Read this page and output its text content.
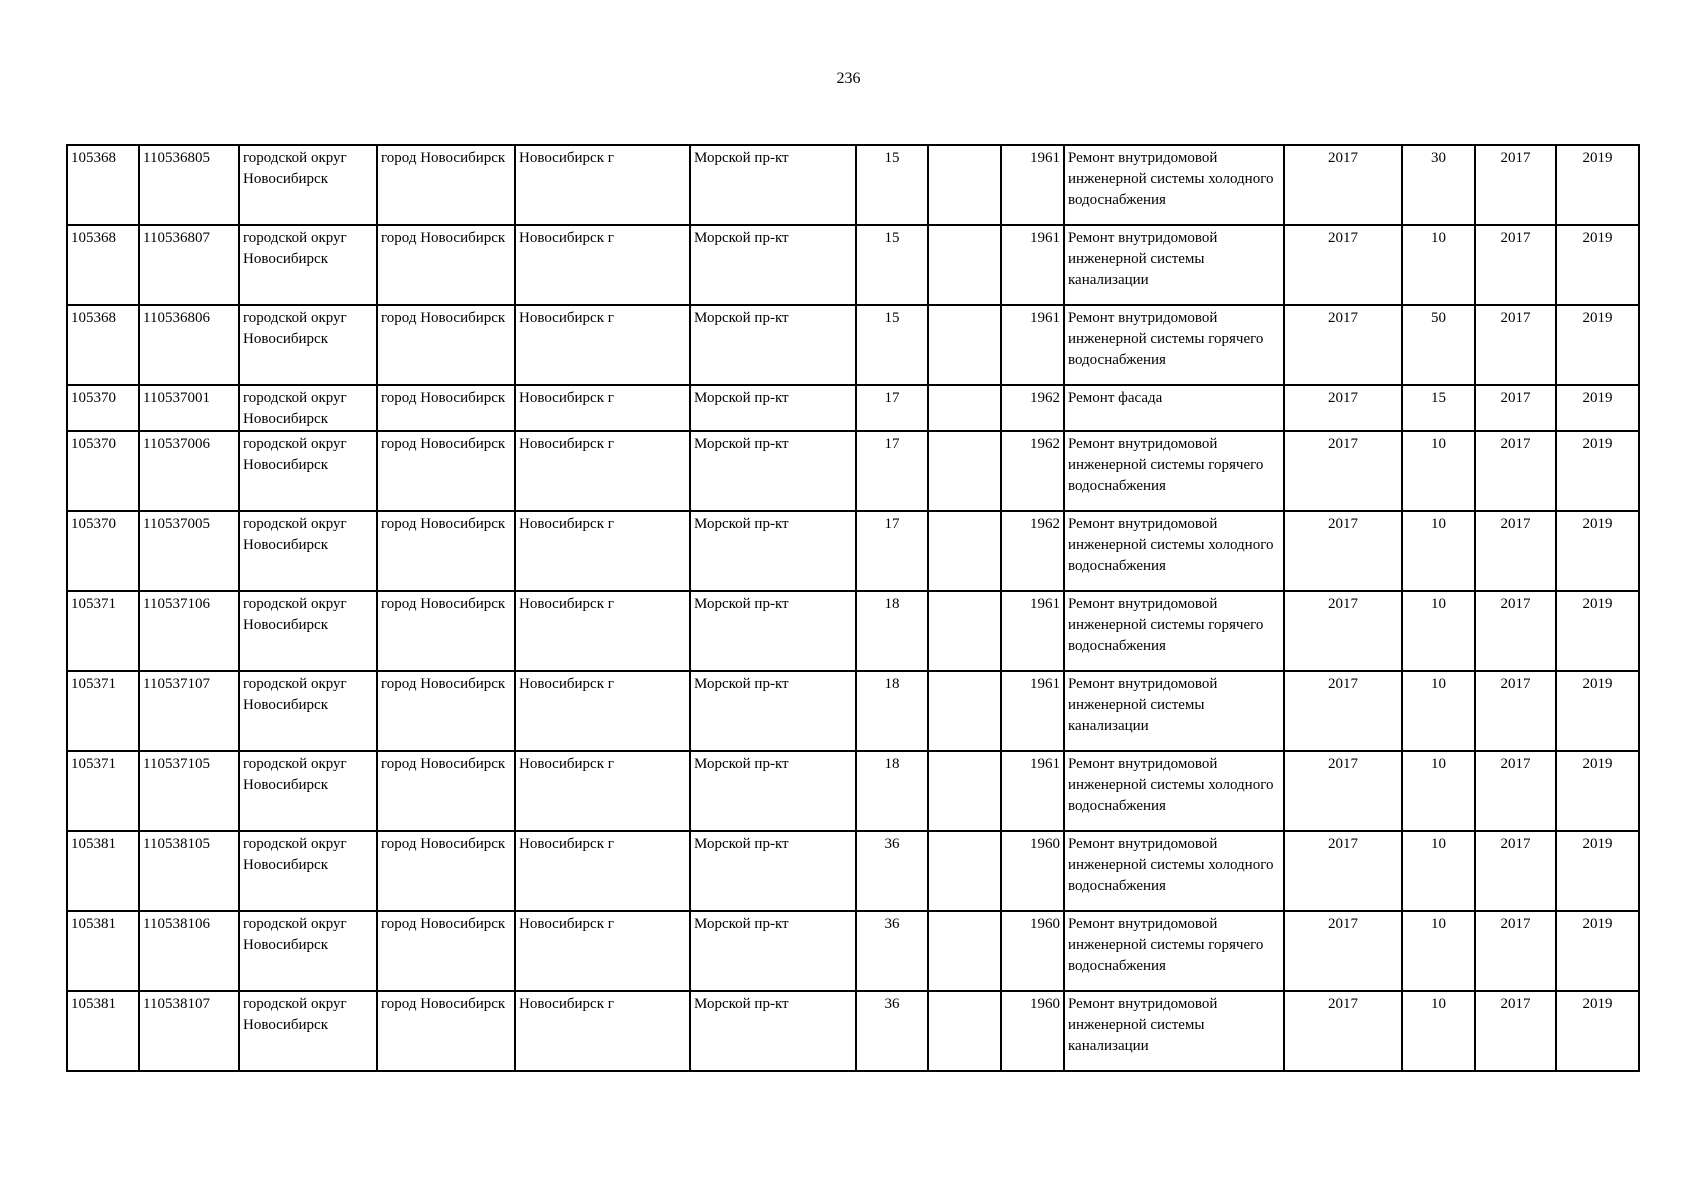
236
105368	110536805	городской округ Новосибирск	город Новосибирск	Новосибирск г	Морской пр-кт	15		1961	Ремонт внутридомовой инженерной системы холодного водоснабжения	2017	30	2017	2019
105368	110536807	городской округ Новосибирск	город Новосибирск	Новосибирск г	Морской пр-кт	15		1961	Ремонт внутридомовой инженерной системы канализации	2017	10	2017	2019
105368	110536806	городской округ Новосибирск	город Новосибирск	Новосибирск г	Морской пр-кт	15		1961	Ремонт внутридомовой инженерной системы горячего водоснабжения	2017	50	2017	2019
105370	110537001	городской округ Новосибирск	город Новосибирск	Новосибирск г	Морской пр-кт	17		1962	Ремонт фасада	2017	15	2017	2019
105370	110537006	городской округ Новосибирск	город Новосибирск	Новосибирск г	Морской пр-кт	17		1962	Ремонт внутридомовой инженерной системы горячего водоснабжения	2017	10	2017	2019
105370	110537005	городской округ Новосибирск	город Новосибирск	Новосибирск г	Морской пр-кт	17		1962	Ремонт внутридомовой инженерной системы холодного водоснабжения	2017	10	2017	2019
105371	110537106	городской округ Новосибирск	город Новосибирск	Новосибирск г	Морской пр-кт	18		1961	Ремонт внутридомовой инженерной системы горячего водоснабжения	2017	10	2017	2019
105371	110537107	городской округ Новосибирск	город Новосибирск	Новосибирск г	Морской пр-кт	18		1961	Ремонт внутридомовой инженерной системы канализации	2017	10	2017	2019
105371	110537105	городской округ Новосибирск	город Новосибирск	Новосибирск г	Морской пр-кт	18		1961	Ремонт внутридомовой инженерной системы холодного водоснабжения	2017	10	2017	2019
105381	110538105	городской округ Новосибирск	город Новосибирск	Новосибирск г	Морской пр-кт	36		1960	Ремонт внутридомовой инженерной системы холодного водоснабжения	2017	10	2017	2019
105381	110538106	городской округ Новосибирск	город Новосибирск	Новосибирск г	Морской пр-кт	36		1960	Ремонт внутридомовой инженерной системы горячего водоснабжения	2017	10	2017	2019
105381	110538107	городской округ Новосибирск	город Новосибирск	Новосибирск г	Морской пр-кт	36		1960	Ремонт внутридомовой инженерной системы канализации	2017	10	2017	2019
